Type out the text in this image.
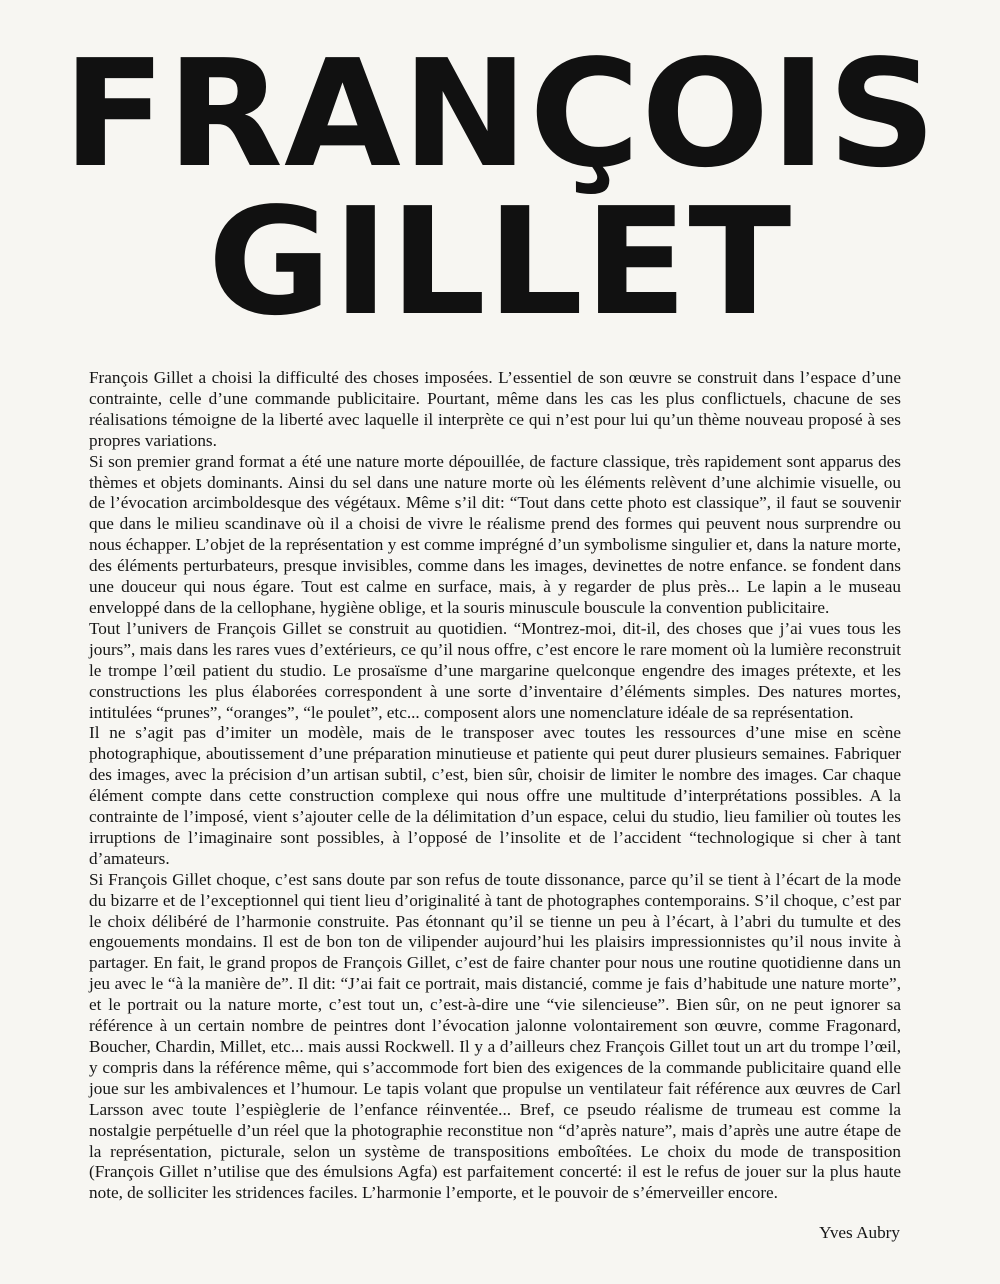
FRANÇOIS
GILLET

François Gillet a choisi la difficulté des choses imposées. L’essentiel de son œuvre se construit dans l’espace d’une contrainte, celle d’une commande publicitaire. Pourtant, même dans les cas les plus conflictuels, chacune de ses réalisations témoigne de la liberté avec laquelle il interprète ce qui n’est pour lui qu’un thème nouveau proposé à ses propres variations.

Si son premier grand format a été une nature morte dépouillée, de facture classique, très rapidement sont apparus des thèmes et objets dominants. Ainsi du sel dans une nature morte où les éléments relèvent d’une alchimie visuelle, ou de l’évocation arcimboldesque des végétaux. Même s’il dit: “Tout dans cette photo est classique”, il faut se souvenir que dans le milieu scandinave où il a choisi de vivre le réalisme prend des formes qui peuvent nous surprendre ou nous échapper. L’objet de la représentation y est comme imprégné d’un symbolisme singulier et, dans la nature morte, des éléments perturbateurs, presque invisibles, comme dans les images, devinettes de notre enfance. se fondent dans une douceur qui nous égare. Tout est calme en surface, mais, à y regarder de plus près... Le lapin a le museau enveloppé dans de la cellophane, hygiène oblige, et la souris minuscule bouscule la convention publicitaire.

Tout l’univers de François Gillet se construit au quotidien. “Montrez-moi, dit-il, des choses que j’ai vues tous les jours”, mais dans les rares vues d’extérieurs, ce qu’il nous offre, c’est encore le rare moment où la lumière reconstruit le trompe l’œil patient du studio. Le prosaïsme d’une margarine quelconque engendre des images prétexte, et les constructions les plus élaborées correspondent à une sorte d’inventaire d’éléments simples. Des natures mortes, intitulées “prunes”, “oranges”, “le poulet”, etc... composent alors une nomenclature idéale de sa représentation.

Il ne s’agit pas d’imiter un modèle, mais de le transposer avec toutes les ressources d’une mise en scène photographique, aboutissement d’une préparation minutieuse et patiente qui peut durer plusieurs semaines. Fabriquer des images, avec la précision d’un artisan subtil, c’est, bien sûr, choisir de limiter le nombre des images. Car chaque élément compte dans cette construction complexe qui nous offre une multitude d’interprétations possibles. A la contrainte de l’imposé, vient s’ajouter celle de la délimitation d’un espace, celui du studio, lieu familier où toutes les irruptions de l’imaginaire sont possibles, à l’opposé de l’insolite et de l’accident “technologique si cher à tant d’amateurs.

Si François Gillet choque, c’est sans doute par son refus de toute dissonance, parce qu’il se tient à l’écart de la mode du bizarre et de l’exceptionnel qui tient lieu d’originalité à tant de photographes contemporains. S’il choque, c’est par le choix délibéré de l’harmonie construite. Pas étonnant qu’il se tienne un peu à l’écart, à l’abri du tumulte et des engouements mondains. Il est de bon ton de vilipender aujourd’hui les plaisirs impressionnistes qu’il nous invite à partager. En fait, le grand propos de François Gillet, c’est de faire chanter pour nous une routine quotidienne dans un jeu avec le “à la manière de”. Il dit: “J’ai fait ce portrait, mais distancié, comme je fais d’habitude une nature morte”, et le portrait ou la nature morte, c’est tout un, c’est-à-dire une “vie silencieuse”. Bien sûr, on ne peut ignorer sa référence à un certain nombre de peintres dont l’évocation jalonne volontairement son œuvre, comme Fragonard, Boucher, Chardin, Millet, etc... mais aussi Rockwell. Il y a d’ailleurs chez François Gillet tout un art du trompe l’œil, y compris dans la référence même, qui s’accommode fort bien des exigences de la commande publicitaire quand elle joue sur les ambivalences et l’humour. Le tapis volant que propulse un ventilateur fait référence aux œuvres de Carl Larsson avec toute l’espièglerie de l’enfance réinventée... Bref, ce pseudo réalisme de trumeau est comme la nostalgie perpétuelle d’un réel que la photographie reconstitue non “d’après nature”, mais d’après une autre étape de la représentation, picturale, selon un système de transpositions emboîtées. Le choix du mode de transposition (François Gillet n’utilise que des émulsions Agfa) est parfaitement concerté: il est le refus de jouer sur la plus haute note, de solliciter les stridences faciles. L’harmonie l’emporte, et le pouvoir de s’émerveiller encore.

Yves Aubry
